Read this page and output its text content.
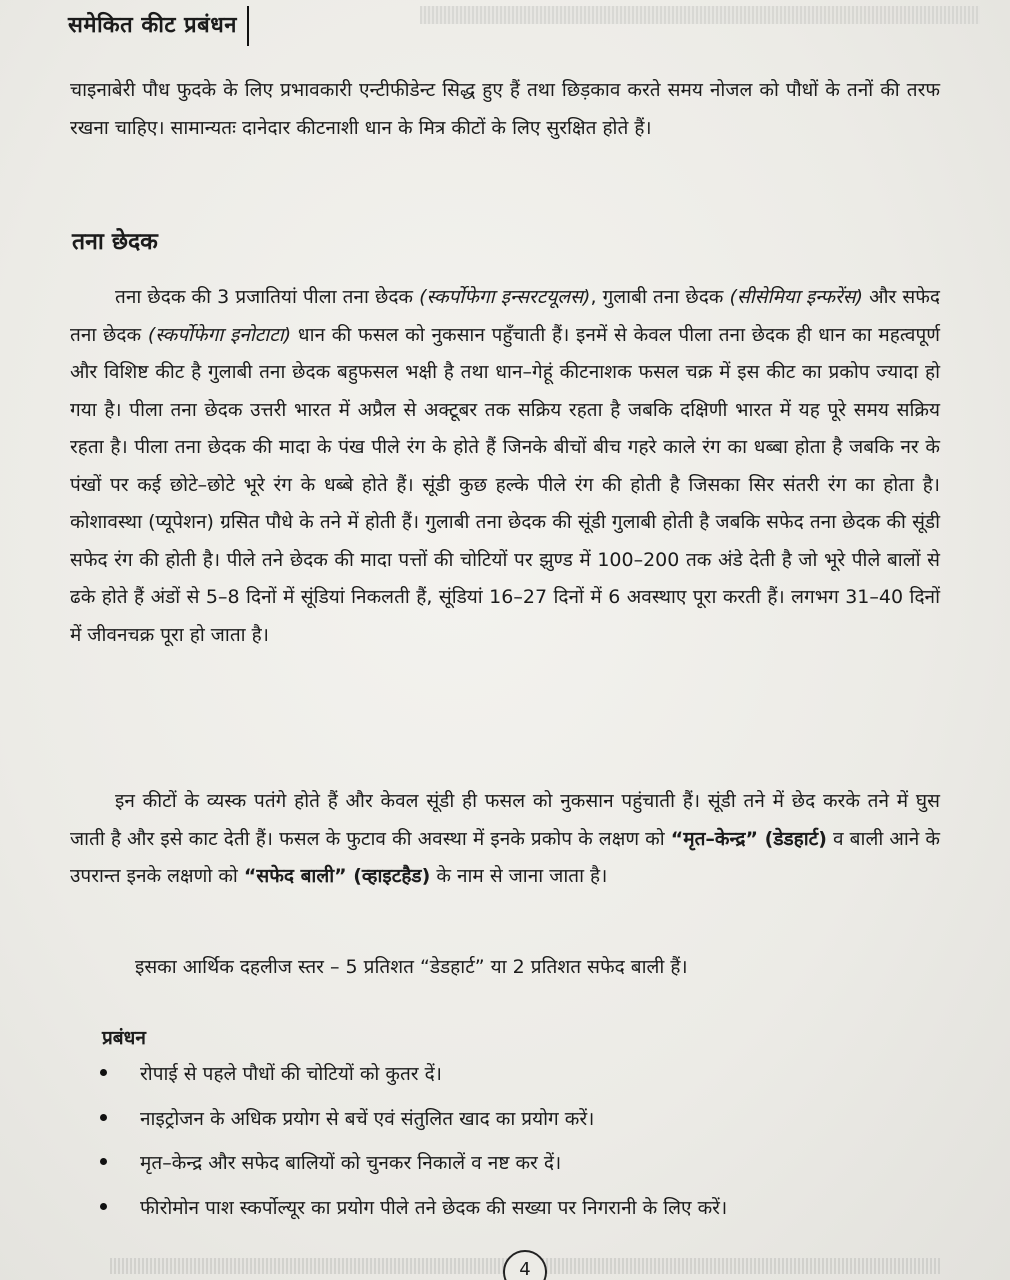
समेकित कीट प्रबंधन

चाइनाबेरी पौध फुदके के लिए प्रभावकारी एन्टीफीडेन्ट सिद्ध हुए हैं तथा छिड़काव करते समय नोजल को पौधों के तनों की तरफ रखना चाहिए। सामान्यतः दानेदार कीटनाशी धान के मित्र कीटों के लिए सुरक्षित होते हैं।

तना छेदक

तना छेदक की 3 प्रजातियां पीला तना छेदक (स्कर्पोफेगा इन्सरटयूलस), गुलाबी तना छेदक (सीसेमिया इन्फरेंस) और सफेद तना छेदक (स्कर्पोफेगा इनोटाटा) धान की फसल को नुकसान पहुँचाती हैं। इनमें से केवल पीला तना छेदक ही धान का महत्वपूर्ण और विशिष्ट कीट है गुलाबी तना छेदक बहुफसल भक्षी है तथा धान–गेहूं कीटनाशक फसल चक्र में इस कीट का प्रकोप ज्यादा हो गया है। पीला तना छेदक उत्तरी भारत में अप्रैल से अक्टूबर तक सक्रिय रहता है जबकि दक्षिणी भारत में यह पूरे समय सक्रिय रहता है। पीला तना छेदक की मादा के पंख पीले रंग के होते हैं जिनके बीचों बीच गहरे काले रंग का धब्बा होता है जबकि नर के पंखों पर कई छोटे–छोटे भूरे रंग के धब्बे होते हैं। सूंडी कुछ हल्के पीले रंग की होती है जिसका सिर संतरी रंग का होता है। कोशावस्था (प्यूपेशन) ग्रसित पौधे के तने में होती हैं। गुलाबी तना छेदक की सूंडी गुलाबी होती है जबकि सफेद तना छेदक की सूंडी सफेद रंग की होती है। पीले तने छेदक की मादा पत्तों की चोटियों पर झुण्ड में 100–200 तक अंडे देती है जो भूरे पीले बालों से ढके होते हैं अंडों से 5–8 दिनों में सूंडियां निकलती हैं, सूंडियां 16–27 दिनों में 6 अवस्थाए पूरा करती हैं। लगभग 31–40 दिनों में जीवनचक्र पूरा हो जाता है।

इन कीटों के व्यस्क पतंगे होते हैं और केवल सूंडी ही फसल को नुकसान पहुंचाती हैं। सूंडी तने में छेद करके तने में घुस जाती है और इसे काट देती हैं। फसल के फुटाव की अवस्था में इनके प्रकोप के लक्षण को “मृत–केन्द्र” (डेडहार्ट) व बाली आने के उपरान्त इनके लक्षणो को “सफेद बाली” (व्हाइटहैड) के नाम से जाना जाता है।

इसका आर्थिक दहलीज स्तर – 5 प्रतिशत “डेडहार्ट” या 2 प्रतिशत सफेद बाली हैं।

प्रबंधन
रोपाई से पहले पौधों की चोटियों को कुतर दें।
नाइट्रोजन के अधिक प्रयोग से बचें एवं संतुलित खाद का प्रयोग करें।
मृत–केन्द्र और सफेद बालियों को चुनकर निकालें व नष्ट कर दें।
फीरोमोन पाश स्कर्पोल्यूर का प्रयोग पीले तने छेदक की सख्या पर निगरानी के लिए करें।
4
